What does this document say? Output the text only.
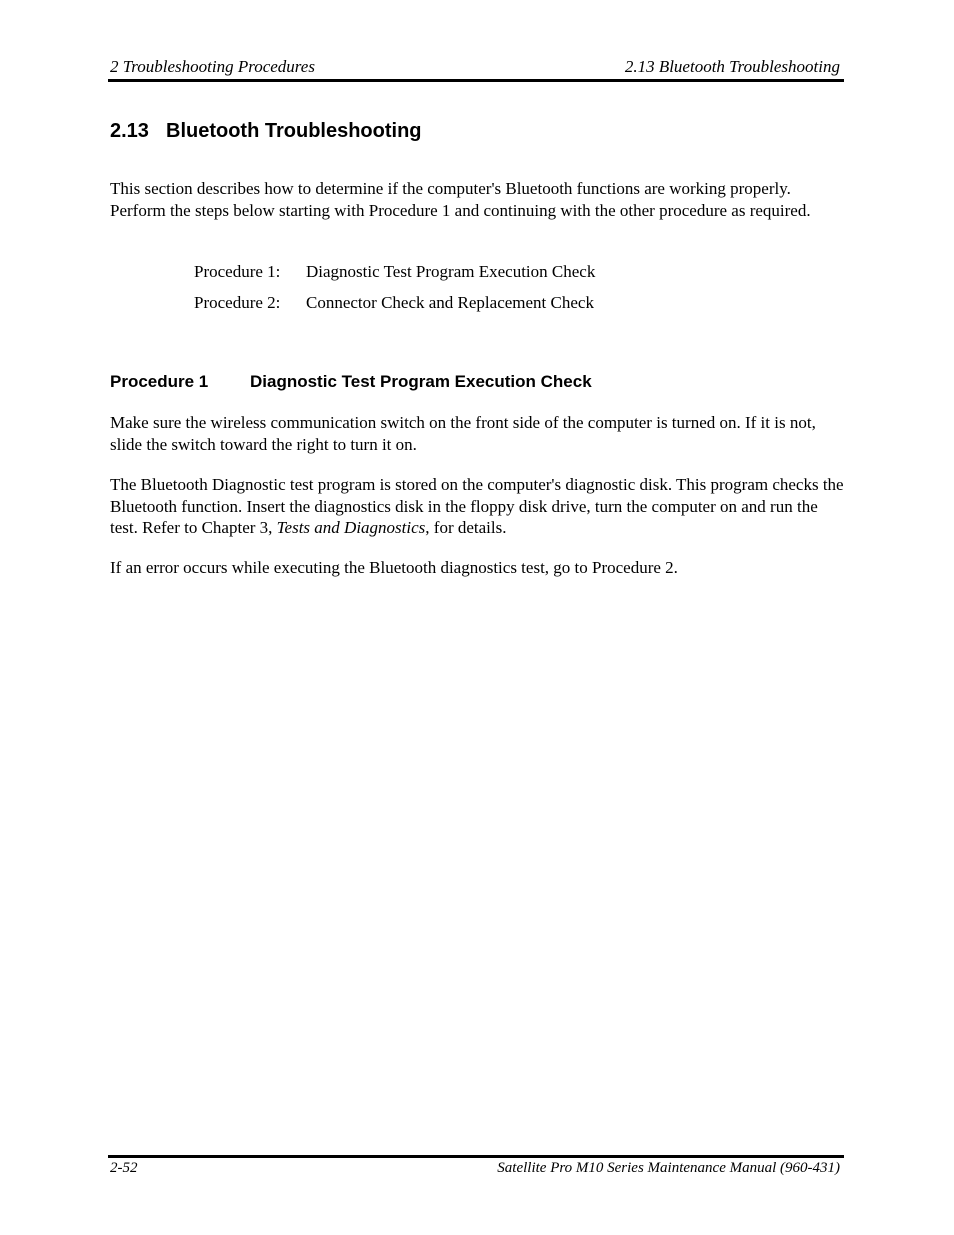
2 Troubleshooting Procedures	2.13 Bluetooth Troubleshooting
2.13 Bluetooth Troubleshooting

This section describes how to determine if the computer's Bluetooth functions are working properly. Perform the steps below starting with Procedure 1 and continuing with the other procedure as required.

Procedure 1: Diagnostic Test Program Execution Check
Procedure 2: Connector Check and Replacement Check
Procedure 1 Diagnostic Test Program Execution Check

Make sure the wireless communication switch on the front side of the computer is turned on. If it is not, slide the switch toward the right to turn it on.

The Bluetooth Diagnostic test program is stored on the computer's diagnostic disk. This program checks the Bluetooth function. Insert the diagnostics disk in the floppy disk drive, turn the computer on and run the test. Refer to Chapter 3, Tests and Diagnostics, for details.

If an error occurs while executing the Bluetooth diagnostics test, go to Procedure 2.

2-52	Satellite Pro M10 Series Maintenance Manual (960-431)
